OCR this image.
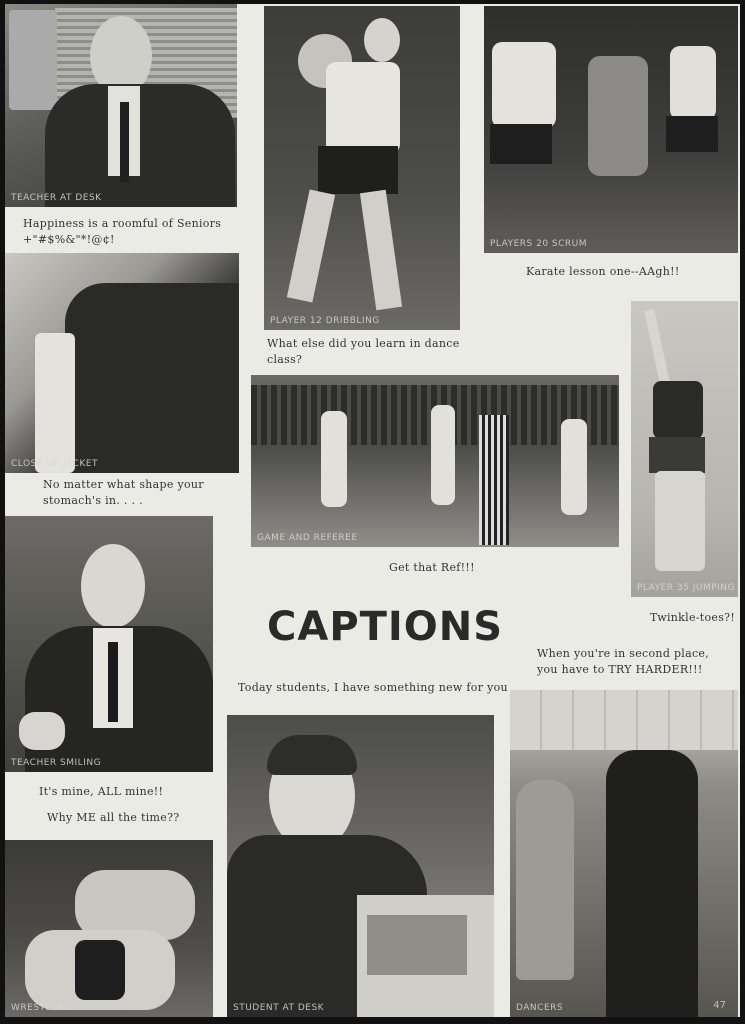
TEACHER AT DESK
Happiness is a roomful of Seniors
+"#$%&"*!@¢!
PLAYER 12 DRIBBLING
What else did you learn in dance
class?
PLAYERS 20 SCRUM
Karate lesson one--AAgh!!
CLOSE-UP JACKET
No matter what shape your
stomach's in. . . .
GAME AND REFEREE
Get that Ref!!!
PLAYER 35 JUMPING
Twinkle-toes?!
TEACHER SMILING
It's mine, ALL mine!!
Why ME all the time??
CAPTIONS
Today students, I have something new for you
When you're in second place,
you have to TRY HARDER!!!
STUDENT AT DESK	DANCERS	47
WRESTLERS
